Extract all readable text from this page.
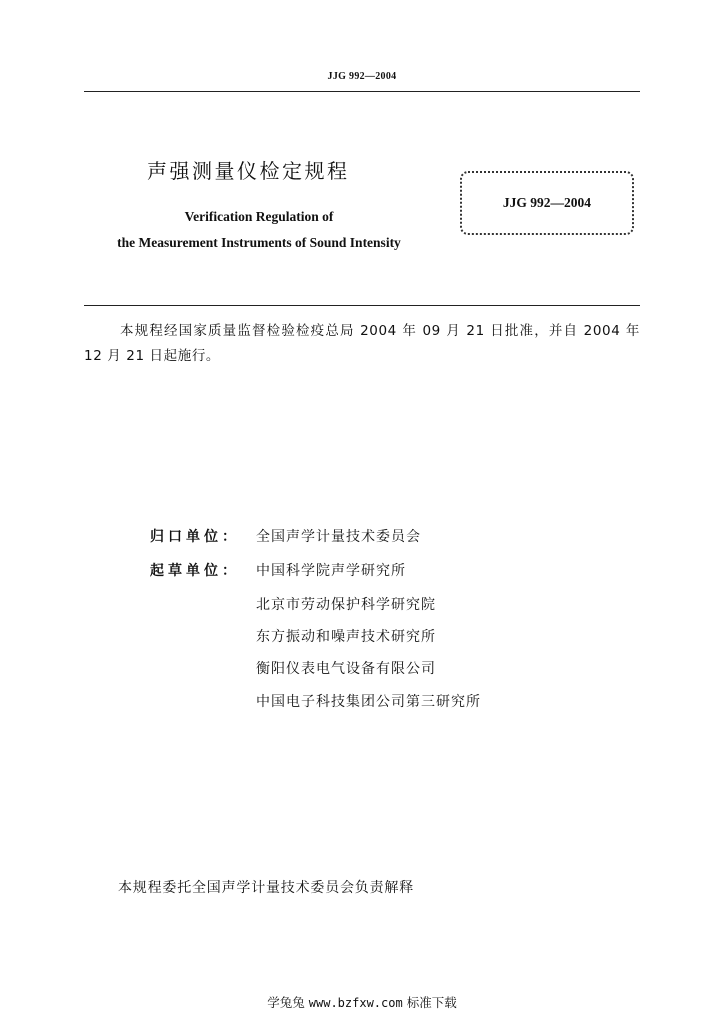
JJG 992—2004
声强测量仪检定规程
Verification Regulation of
the Measurement Instruments of Sound Intensity
JJG 992—2004
本规程经国家质量监督检验检疫总局 2004 年 09 月 21 日批准，并自 2004 年 12 月 21 日起施行。
归口单位： 全国声学计量技术委员会
起草单位： 中国科学院声学研究所
北京市劳动保护科学研究院
东方振动和噪声技术研究所
衡阳仪表电气设备有限公司
中国电子科技集团公司第三研究所
本规程委托全国声学计量技术委员会负责解释
学兔兔 www.bzfxw.com 标准下载
